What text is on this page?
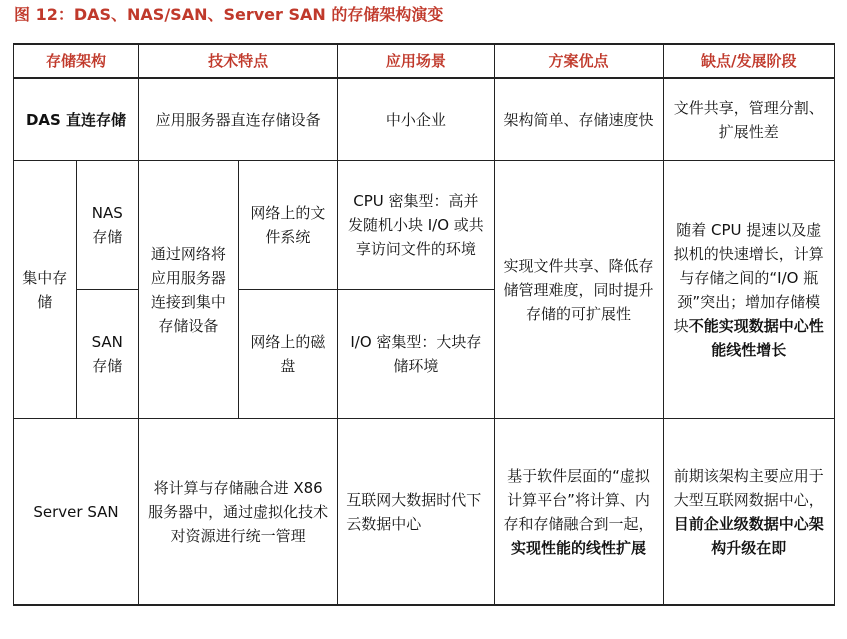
图 12：DAS、NAS/SAN、Server SAN 的存储架构演变
存储架构		技术特点		应用场景	方案优点	缺点/发展阶段
DAS 直连存储		应用服务器直连存储设备		中小企业	架构简单、存储速度快	文件共享，管理分割、扩展性差
集中存储	NAS 存储	通过网络将应用服务器连接到集中存储设备	网络上的文件系统	CPU 密集型：高并发随机小块 I/O 或共享访问文件的环境	实现文件共享、降低存储管理难度，同时提升存储的可扩展性	随着 CPU 提速以及虚拟机的快速增长，计算与存储之间的“I/O 瓶颈”突出；增加存储模块不能实现数据中心性能线性增长
	SAN 存储		网络上的磁盘	I/O 密集型：大块存储环境		
Server SAN		将计算与存储融合进 X86 服务器中，通过虚拟化技术对资源进行统一管理		互联网大数据时代下云数据中心	基于软件层面的“虚拟计算平台”将计算、内存和存储融合到一起，实现性能的线性扩展	前期该架构主要应用于大型互联网数据中心，目前企业级数据中心架构升级在即
